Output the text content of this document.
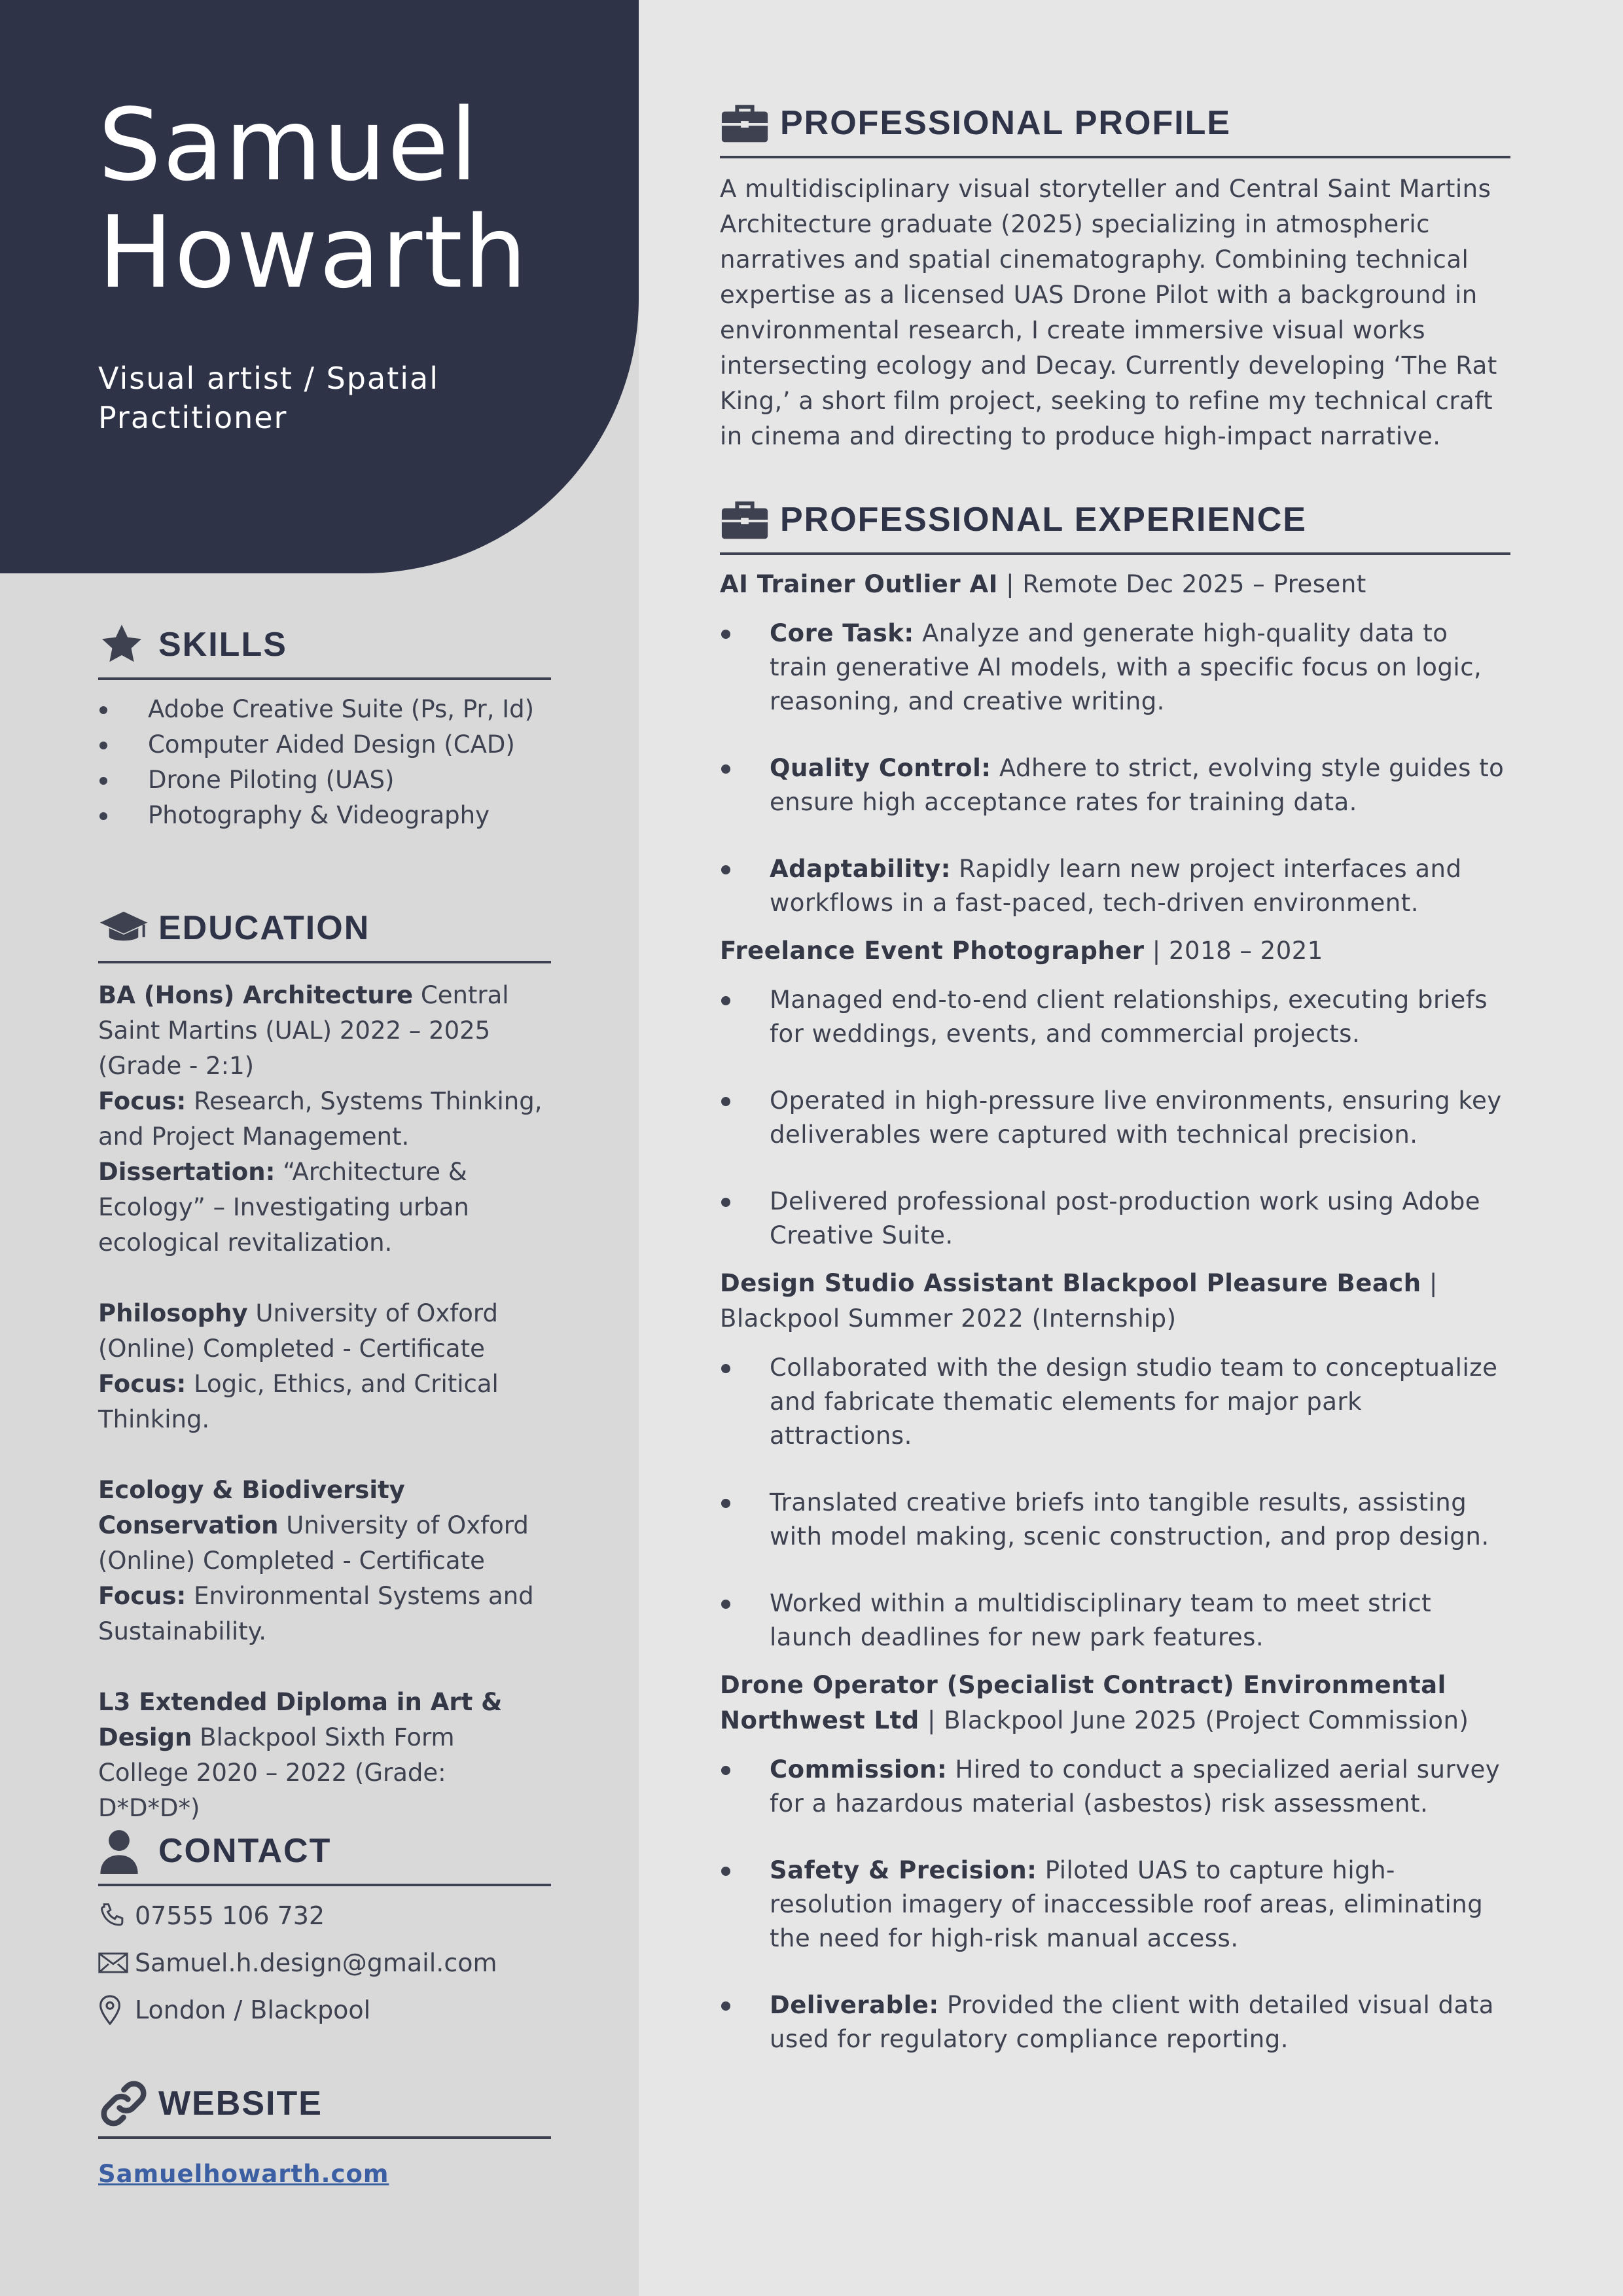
Samuel
Howarth
Visual artist / Spatial Practitioner
SKILLS
Adobe Creative Suite (Ps, Pr, Id)
Computer Aided Design (CAD)
Drone Piloting (UAS)
Photography & Videography
EDUCATION
BA (Hons) Architecture Central Saint Martins (UAL) 2022 – 2025 (Grade - 2:1)
Focus: Research, Systems Thinking, and Project Management.
Dissertation: “Architecture & Ecology” – Investigating urban ecological revitalization.
Philosophy University of Oxford (Online) Completed - Certificate
Focus: Logic, Ethics, and Critical Thinking.
Ecology & Biodiversity Conservation University of Oxford (Online) Completed - Certificate
Focus: Environmental Systems and Sustainability.
L3 Extended Diploma in Art & Design Blackpool Sixth Form College 2020 – 2022 (Grade: D*D*D*)
CONTACT
07555 106 732
Samuel.h.design@gmail.com
London / Blackpool
WEBSITE
Samuelhowarth.com
PROFESSIONAL PROFILE
A multidisciplinary visual storyteller and Central Saint Martins Architecture graduate (2025) specializing in atmospheric narratives and spatial cinematography. Combining technical expertise as a licensed UAS Drone Pilot with a background in environmental research, I create immersive visual works intersecting ecology and Decay. Currently developing ‘The Rat King,’ a short film project, seeking to refine my technical craft in cinema and directing to produce high-impact narrative.
PROFESSIONAL EXPERIENCE
AI Trainer Outlier AI | Remote Dec 2025 – Present
Core Task: Analyze and generate high-quality data to train generative AI models, with a specific focus on logic, reasoning, and creative writing.
Quality Control: Adhere to strict, evolving style guides to ensure high acceptance rates for training data.
Adaptability: Rapidly learn new project interfaces and workflows in a fast-paced, tech-driven environment.
Freelance Event Photographer | 2018 – 2021
Managed end-to-end client relationships, executing briefs for weddings, events, and commercial projects.
Operated in high-pressure live environments, ensuring key deliverables were captured with technical precision.
Delivered professional post-production work using Adobe Creative Suite.
Design Studio Assistant Blackpool Pleasure Beach | Blackpool Summer 2022 (Internship)
Collaborated with the design studio team to conceptualize and fabricate thematic elements for major park attractions.
Translated creative briefs into tangible results, assisting with model making, scenic construction, and prop design.
Worked within a multidisciplinary team to meet strict launch deadlines for new park features.
Drone Operator (Specialist Contract) Environmental Northwest Ltd | Blackpool June 2025 (Project Commission)
Commission: Hired to conduct a specialized aerial survey for a hazardous material (asbestos) risk assessment.
Safety & Precision: Piloted UAS to capture high-resolution imagery of inaccessible roof areas, eliminating the need for high-risk manual access.
Deliverable: Provided the client with detailed visual data used for regulatory compliance reporting.
